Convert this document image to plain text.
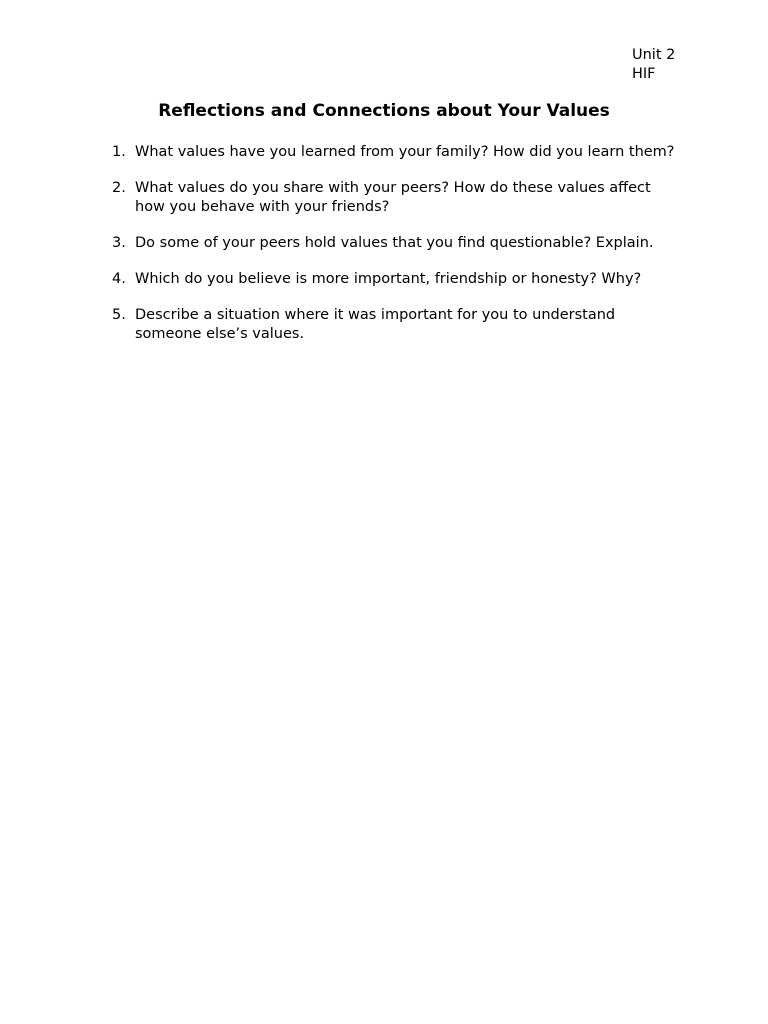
Unit 2
HIF
Reflections and Connections about Your Values
1. What values have you learned from your family? How did you learn them?
2. What values do you share with your peers? How do these values affect how you behave with your friends?
3. Do some of your peers hold values that you find questionable? Explain.
4. Which do you believe is more important, friendship or honesty? Why?
5. Describe a situation where it was important for you to understand someone else’s values.
